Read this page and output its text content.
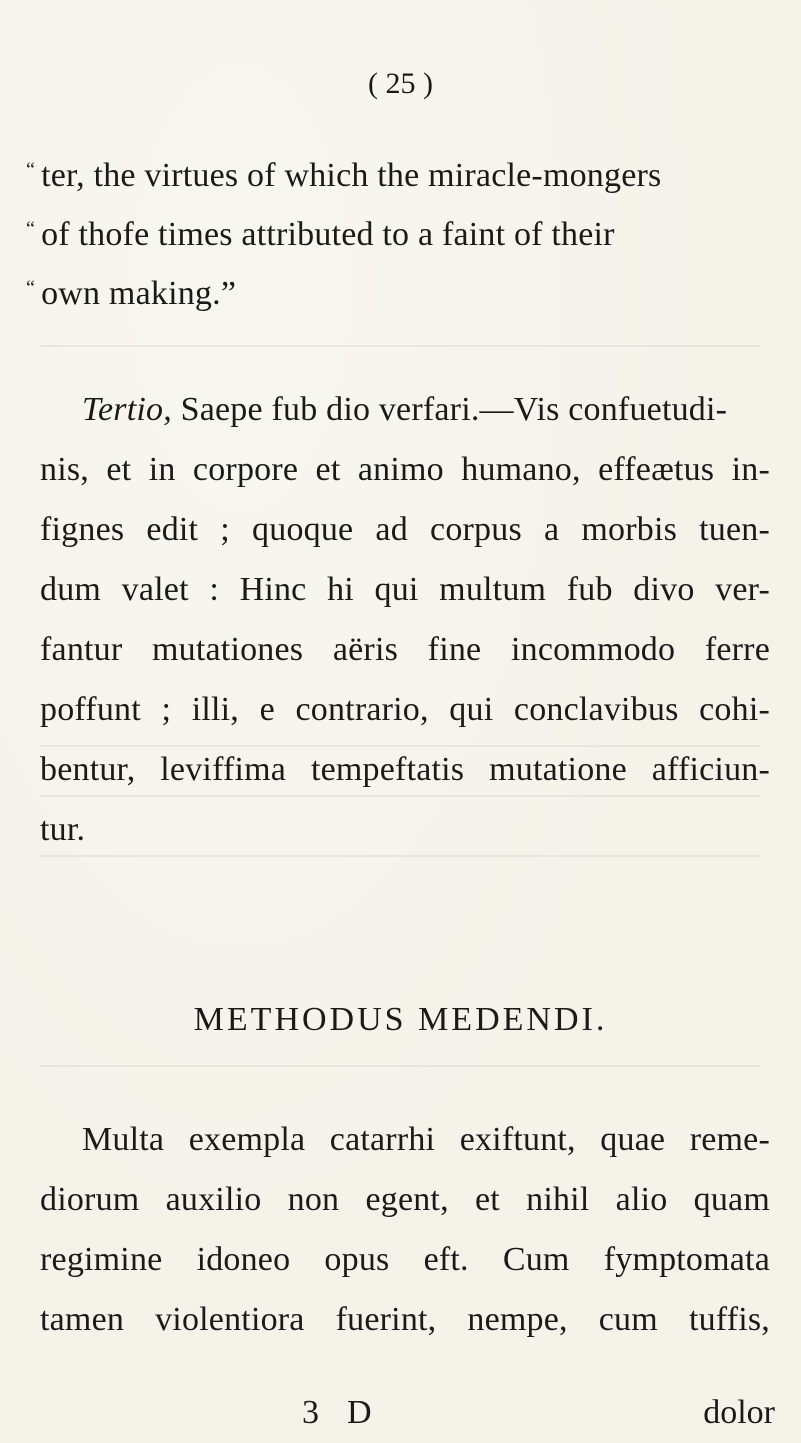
( 25 )
“ ter, the virtues of which the miracle-mongers
“ of thofe times attributed to a faint of their
“ own making.”
Tertio, Saepe fub dio verfari.—Vis confuetudi-
nis, et in corpore et animo humano, effeætus in-
fignes edit ; quoque ad corpus a morbis tuen-
dum valet : Hinc hi qui multum fub divo ver-
fantur mutationes aëris fine incommodo ferre
poffunt ; illi, e contrario, qui conclavibus cohi-
bentur, leviffima tempeftatis mutatione afficiun-
tur.
METHODUS MEDENDI.
Multa exempla catarrhi exiftunt, quae reme-
diorum auxilio non egent, et nihil alio quam
regimine idoneo opus eft. Cum fymptomata
tamen violentiora fuerint, nempe, cum tuffis,
3 D	dolor
